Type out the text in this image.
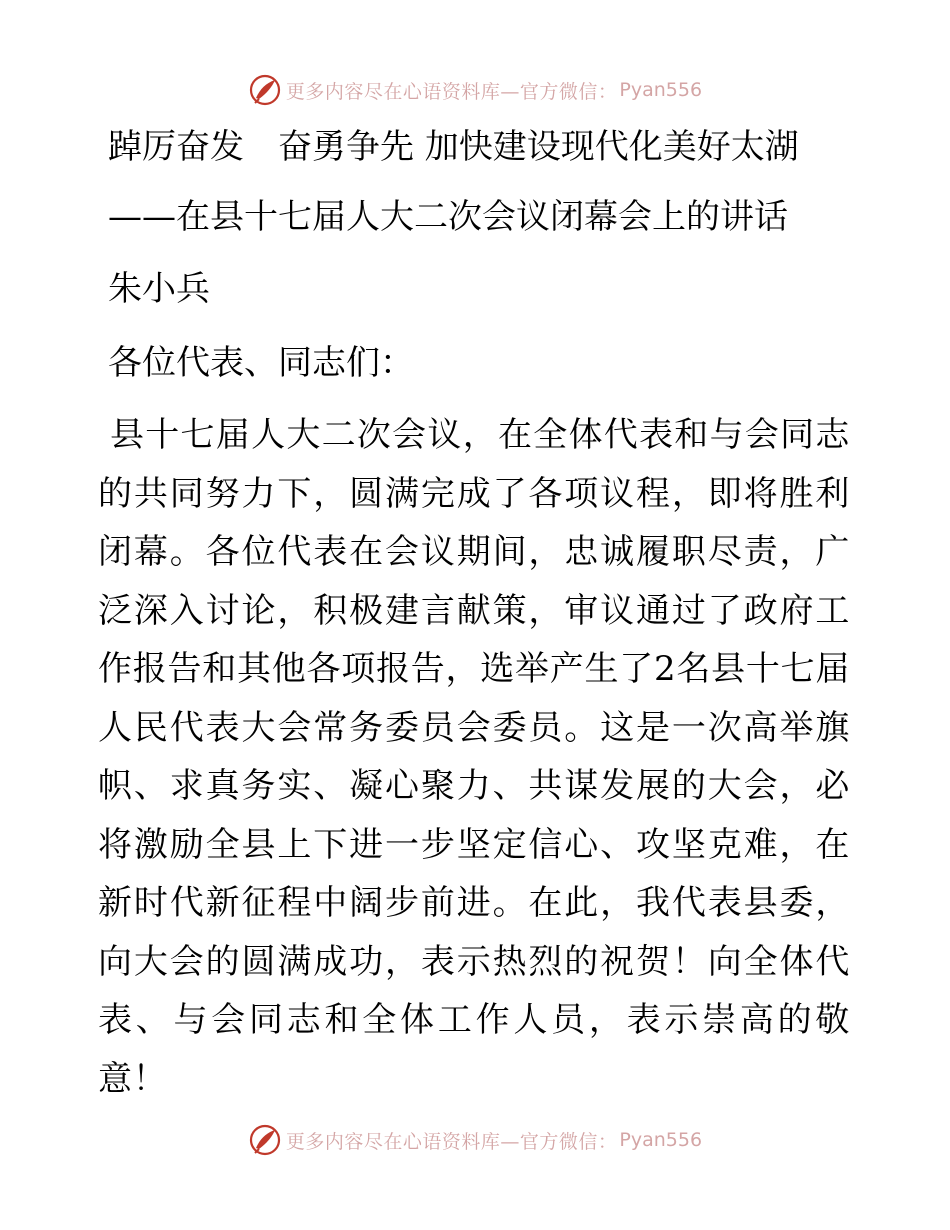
更多内容尽在心语资料库—官方微信： Pyan556

踔厉奋发　奋勇争先 加快建设现代化美好太湖

——在县十七届人大二次会议闭幕会上的讲话

朱小兵

各位代表、同志们：

县十七届人大二次会议，在全体代表和与会同志的共同努力下，圆满完成了各项议程，即将胜利闭幕。各位代表在会议期间，忠诚履职尽责，广泛深入讨论，积极建言献策，审议通过了政府工作报告和其他各项报告，选举产生了2名县十七届人民代表大会常务委员会委员。这是一次高举旗帜、求真务实、凝心聚力、共谋发展的大会，必将激励全县上下进一步坚定信心、攻坚克难，在新时代新征程中阔步前进。在此，我代表县委，向大会的圆满成功，表示热烈的祝贺！向全体代表、与会同志和全体工作人员，表示崇高的敬意！

更多内容尽在心语资料库—官方微信： Pyan556
